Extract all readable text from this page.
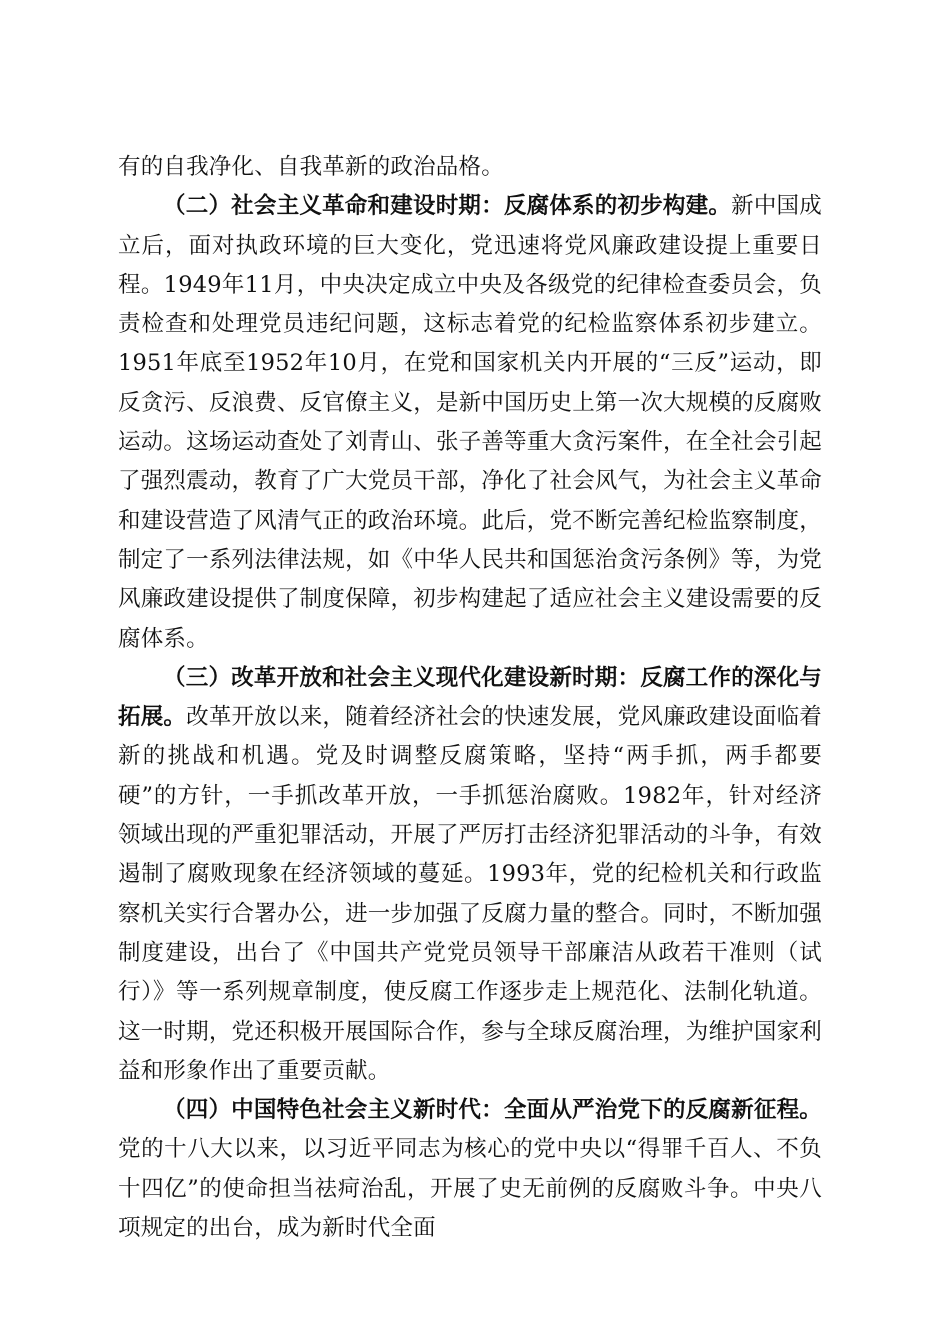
有的自我净化、自我革新的政治品格。

（二）社会主义革命和建设时期：反腐体系的初步构建。新中国成立后，面对执政环境的巨大变化，党迅速将党风廉政建设提上重要日程。1949年11月，中央决定成立中央及各级党的纪律检查委员会，负责检查和处理党员违纪问题，这标志着党的纪检监察体系初步建立。1951年底至1952年10月，在党和国家机关内开展的“三反”运动，即反贪污、反浪费、反官僚主义，是新中国历史上第一次大规模的反腐败运动。这场运动查处了刘青山、张子善等重大贪污案件，在全社会引起了强烈震动，教育了广大党员干部，净化了社会风气，为社会主义革命和建设营造了风清气正的政治环境。此后，党不断完善纪检监察制度，制定了一系列法律法规，如《中华人民共和国惩治贪污条例》等，为党风廉政建设提供了制度保障，初步构建起了适应社会主义建设需要的反腐体系。

（三）改革开放和社会主义现代化建设新时期：反腐工作的深化与拓展。改革开放以来，随着经济社会的快速发展，党风廉政建设面临着新的挑战和机遇。党及时调整反腐策略，坚持“两手抓，两手都要硬”的方针，一手抓改革开放，一手抓惩治腐败。1982年，针对经济领域出现的严重犯罪活动，开展了严厉打击经济犯罪活动的斗争，有效遏制了腐败现象在经济领域的蔓延。1993年，党的纪检机关和行政监察机关实行合署办公，进一步加强了反腐力量的整合。同时，不断加强制度建设，出台了《中国共产党党员领导干部廉洁从政若干准则（试行）》等一系列规章制度，使反腐工作逐步走上规范化、法制化轨道。这一时期，党还积极开展国际合作，参与全球反腐治理，为维护国家利益和形象作出了重要贡献。

（四）中国特色社会主义新时代：全面从严治党下的反腐新征程。党的十八大以来，以习近平同志为核心的党中央以“得罪千百人、不负十四亿”的使命担当祛疴治乱，开展了史无前例的反腐败斗争。中央八项规定的出台，成为新时代全面
